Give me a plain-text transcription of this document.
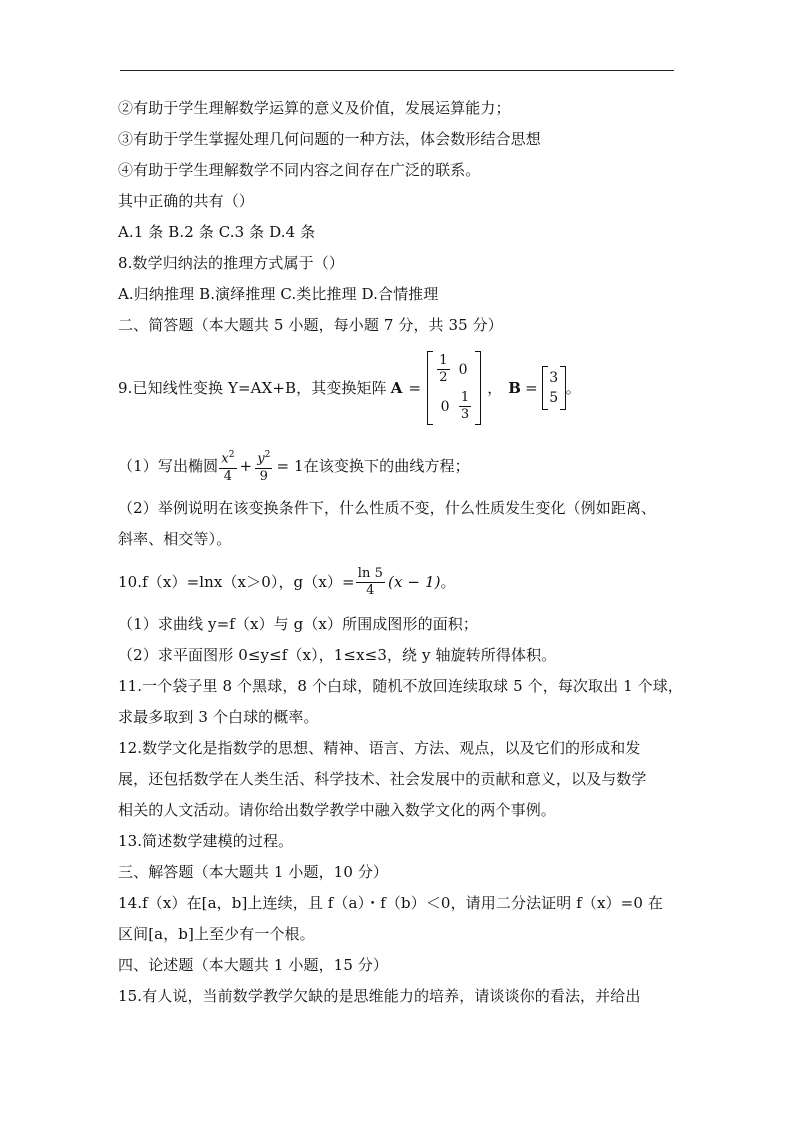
②有助于学生理解数学运算的意义及价值，发展运算能力；
③有助于学生掌握处理几何问题的一种方法，体会数形结合思想
④有助于学生理解数学不同内容之间存在广泛的联系。
其中正确的共有（）
A.1 条 B.2 条 C.3 条 D.4 条
8.数学归纳法的推理方式属于（）
A.归纳推理 B.演绎推理 C.类比推理 D.合情推理
二、简答题（本大题共 5 小题，每小题 7 分，共 35 分）
9.已知线性变换 Y=AX+B，其变换矩阵 A =
$\frac{1}{2} 0$
$0 \frac{1}{3}$
， B =
3
5
。
（1）写出椭圆 $\frac{x^2}{4} + \frac{y^2}{9} = 1$ 在该变换下的曲线方程；
（2）举例说明在该变换条件下，什么性质不变，什么性质发生变化（例如距离、
斜率、相交等）。
10.f（x）=lnx（x＞0），$g(x)= \frac{\ln 5}{4} (x - 1)$ 。
（1）求曲线 y=f（x）与 g（x）所围成图形的面积；
（2）求平面图形 0≤y≤f（x），1≤x≤3，绕 y 轴旋转所得体积。
11.一个袋子里 8 个黑球，8 个白球，随机不放回连续取球 5 个，每次取出 1 个球，
求最多取到 3 个白球的概率。
12.数学文化是指数学的思想、精神、语言、方法、观点，以及它们的形成和发
展，还包括数学在人类生活、科学技术、社会发展中的贡献和意义，以及与数学
相关的人文活动。请你给出数学教学中融入数学文化的两个事例。
13.简述数学建模的过程。
三、解答题（本大题共 1 小题，10 分）
14.f（x）在[a，b]上连续，且 f（a）・f（b）＜0，请用二分法证明 f（x）=0 在
区间[a，b]上至少有一个根。
四、论述题（本大题共 1 小题，15 分）
15.有人说，当前数学教学欠缺的是思维能力的培养，请谈谈你的看法，并给出
